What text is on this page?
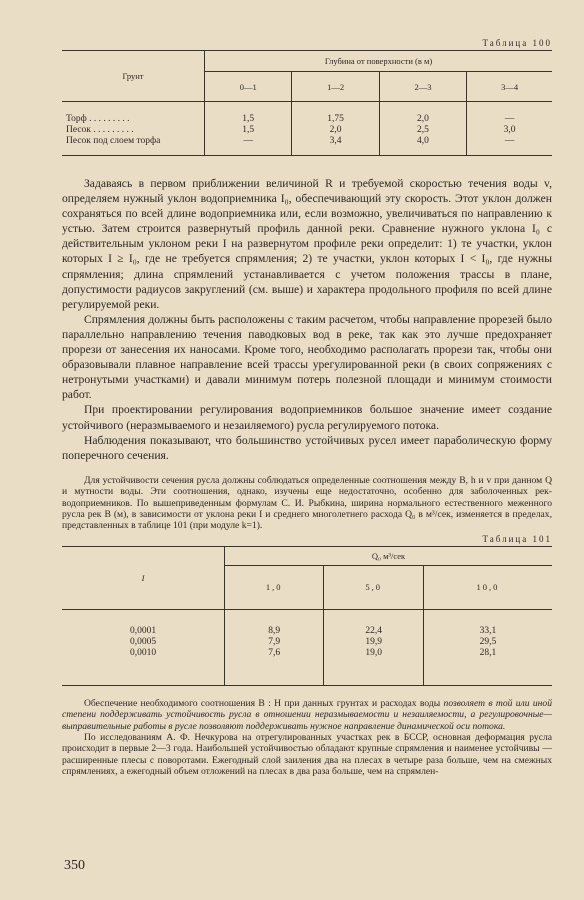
Таблица 100
Грунт	Глубина от поверхности (в м)			
	0—1	1—2	2—3	3—4
Торф . . . . . . . . .	1,5	1,75	2,0	—
Песок . . . . . . . . .	1,5	2,0	2,5	3,0
Песок под слоем торфа	—	3,4	4,0	—

Задаваясь в первом приближении величиной R и требуемой скоростью течения воды v, определяем нужный уклон водоприемника I₀, обеспечивающий эту скорость. Этот уклон должен сохраняться по всей длине водоприемника или, если возможно, увеличиваться по направлению к устью. Затем строится развернутый профиль данной реки. Сравнение нужного уклона I₀ с действительным уклоном реки I на развернутом профиле реки определит: 1) те участки, уклон которых I ≥ I₀, где не требуется спрямления; 2) те участки, уклон которых I < I₀, где нужны спрямления; длина спрямлений устанавливается с учетом положения трассы в плане, допустимости радиусов закруглений (см. выше) и характера продольного профиля по всей длине регулируемой реки.

Спрямления должны быть расположены с таким расчетом, чтобы направление прорезей было параллельно направлению течения паводковых вод в реке, так как это лучше предохраняет прорези от занесения их наносами. Кроме того, необходимо располагать прорези так, чтобы они образовывали плавное направление всей трассы урегулированной реки (в своих сопряжениях с нетронутыми участками) и давали минимум потерь полезной площади и минимум стоимости работ.

При проектировании регулирования водоприемников большое значение имеет создание устойчивого (неразмываемого и незаиляемого) русла регулируемого потока.

Наблюдения показывают, что большинство устойчивых русел имеет параболическую форму поперечного сечения.

Для устойчивости сечения русла должны соблюдаться определенные соотношения между B, h и v при данном Q и мутности воды. Эти соотношения, однако, изучены еще недостаточно, особенно для заболоченных рек-водоприемников. По вышеприведенным формулам С. И. Рыбкина, ширина нормального естественного меженного русла рек B (м), в зависимости от уклона реки I и среднего многолетнего расхода Q₀ в м³/сек, изменяется в пределах, представленных в таблице 101 (при модуле k=1).

Таблица 101
I	Q₀ м³/сек		
	1,0	5,0	10,0
0,0001	8,9	22,4	33,1
0,0005	7,9	19,9	29,5
0,0010	7,6	19,0	28,1

Обеспечение необходимого соотношения B : H при данных грунтах и расходах воды позволяет в той или иной степени поддерживать устойчивость русла в отношении неразмываемости и незаиляемости, а регулировочные—выправительные работы в русле позволяют поддерживать нужное направление динамической оси потока.

По исследованиям А. Ф. Нечкурова на отрегулированных участках рек в БССР, основная деформация русла происходит в первые 2—3 года. Наибольшей устойчивостью обладают крупные спрямления и наименее устойчивы — расширенные плесы с поворотами. Ежегодный слой заиления два на плесах в четыре раза больше, чем на смежных спрямлениях, а ежегодный объем отложений на плесах в два раза больше, чем на спрямлен-

350
